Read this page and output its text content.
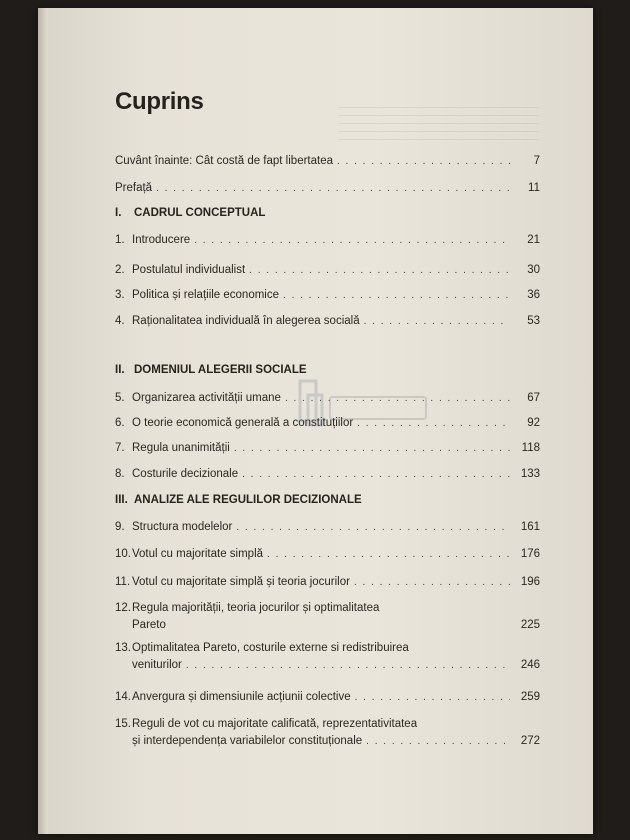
Cuprins
Cuvânt înainte: Cât costă de fapt libertatea . . .	7
Prefață . . .	11
I. CADRUL CONCEPTUAL
1. Introducere . . .	21
2. Postulatul individualist . . .	30
3. Politica și relațiile economice . . .	36
4. Raționalitatea individuală în alegerea socială . . .	53
II. DOMENIUL ALEGERII SOCIALE
5. Organizarea activității umane . . .	67
6. O teorie economică generală a constituțiilor . . .	92
7. Regula unanimității . . .	118
8. Costurile decizionale . . .	133
III. ANALIZE ALE REGULILOR DECIZIONALE
9. Structura modelelor . . .	161
10. Votul cu majoritate simplă . . .	176
11. Votul cu majoritate simplă și teoria jocurilor . . .	196
12. Regula majorității, teoria jocurilor și optimalitatea
Pareto	225
13. Optimalitatea Pareto, costurile externe si redistribuirea
veniturilor . . .	246
14. Anvergura și dimensiunile acțiunii colective . . .	259
15. Reguli de vot cu majoritate calificată, reprezentativitatea
și interdependența variabilelor constituționale . . .	272
